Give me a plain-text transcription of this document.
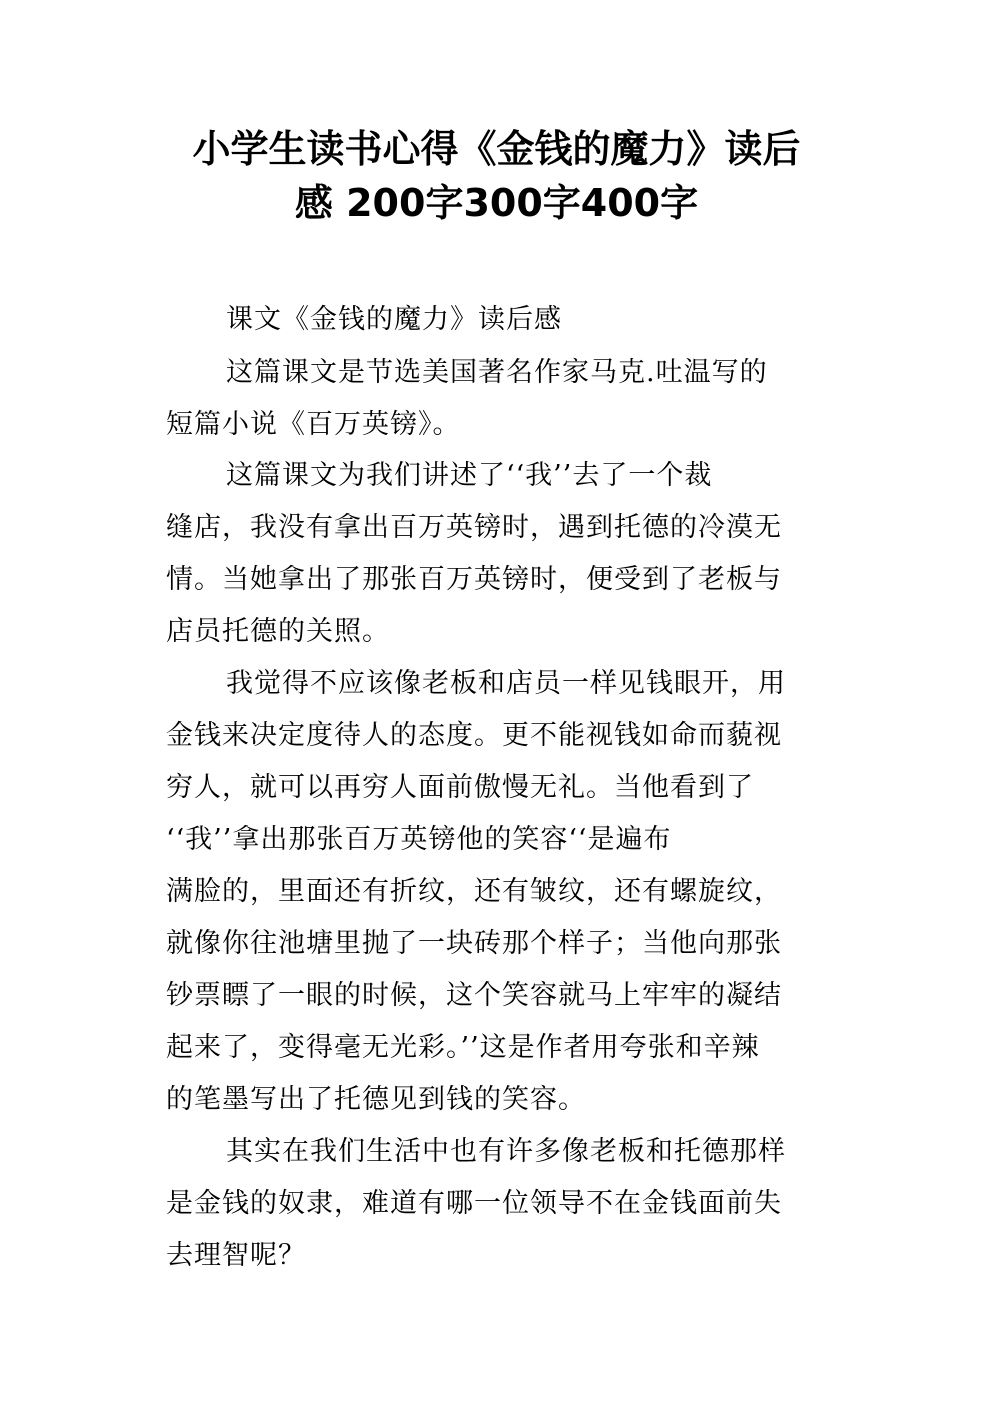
小学生读书心得《金钱的魔力》读后
感 200字300字400字
课文《金钱的魔力》读后感
这篇课文是节选美国著名作家马克.吐温写的
短篇小说《百万英镑》。
这篇课文为我们讲述了‘‘我’’去了一个裁
缝店，我没有拿出百万英镑时，遇到托德的冷漠无
情。当她拿出了那张百万英镑时，便受到了老板与
店员托德的关照。
我觉得不应该像老板和店员一样见钱眼开，用
金钱来决定度待人的态度。更不能视钱如命而藐视
穷人，就可以再穷人面前傲慢无礼。当他看到了
‘‘我’’拿出那张百万英镑他的笑容‘‘是遍布
满脸的，里面还有折纹，还有皱纹，还有螺旋纹，
就像你往池塘里抛了一块砖那个样子；当他向那张
钞票瞟了一眼的时候，这个笑容就马上牢牢的凝结
起来了，变得毫无光彩。’’这是作者用夸张和辛辣
的笔墨写出了托德见到钱的笑容。
其实在我们生活中也有许多像老板和托德那样
是金钱的奴隶，难道有哪一位领导不在金钱面前失
去理智呢？
